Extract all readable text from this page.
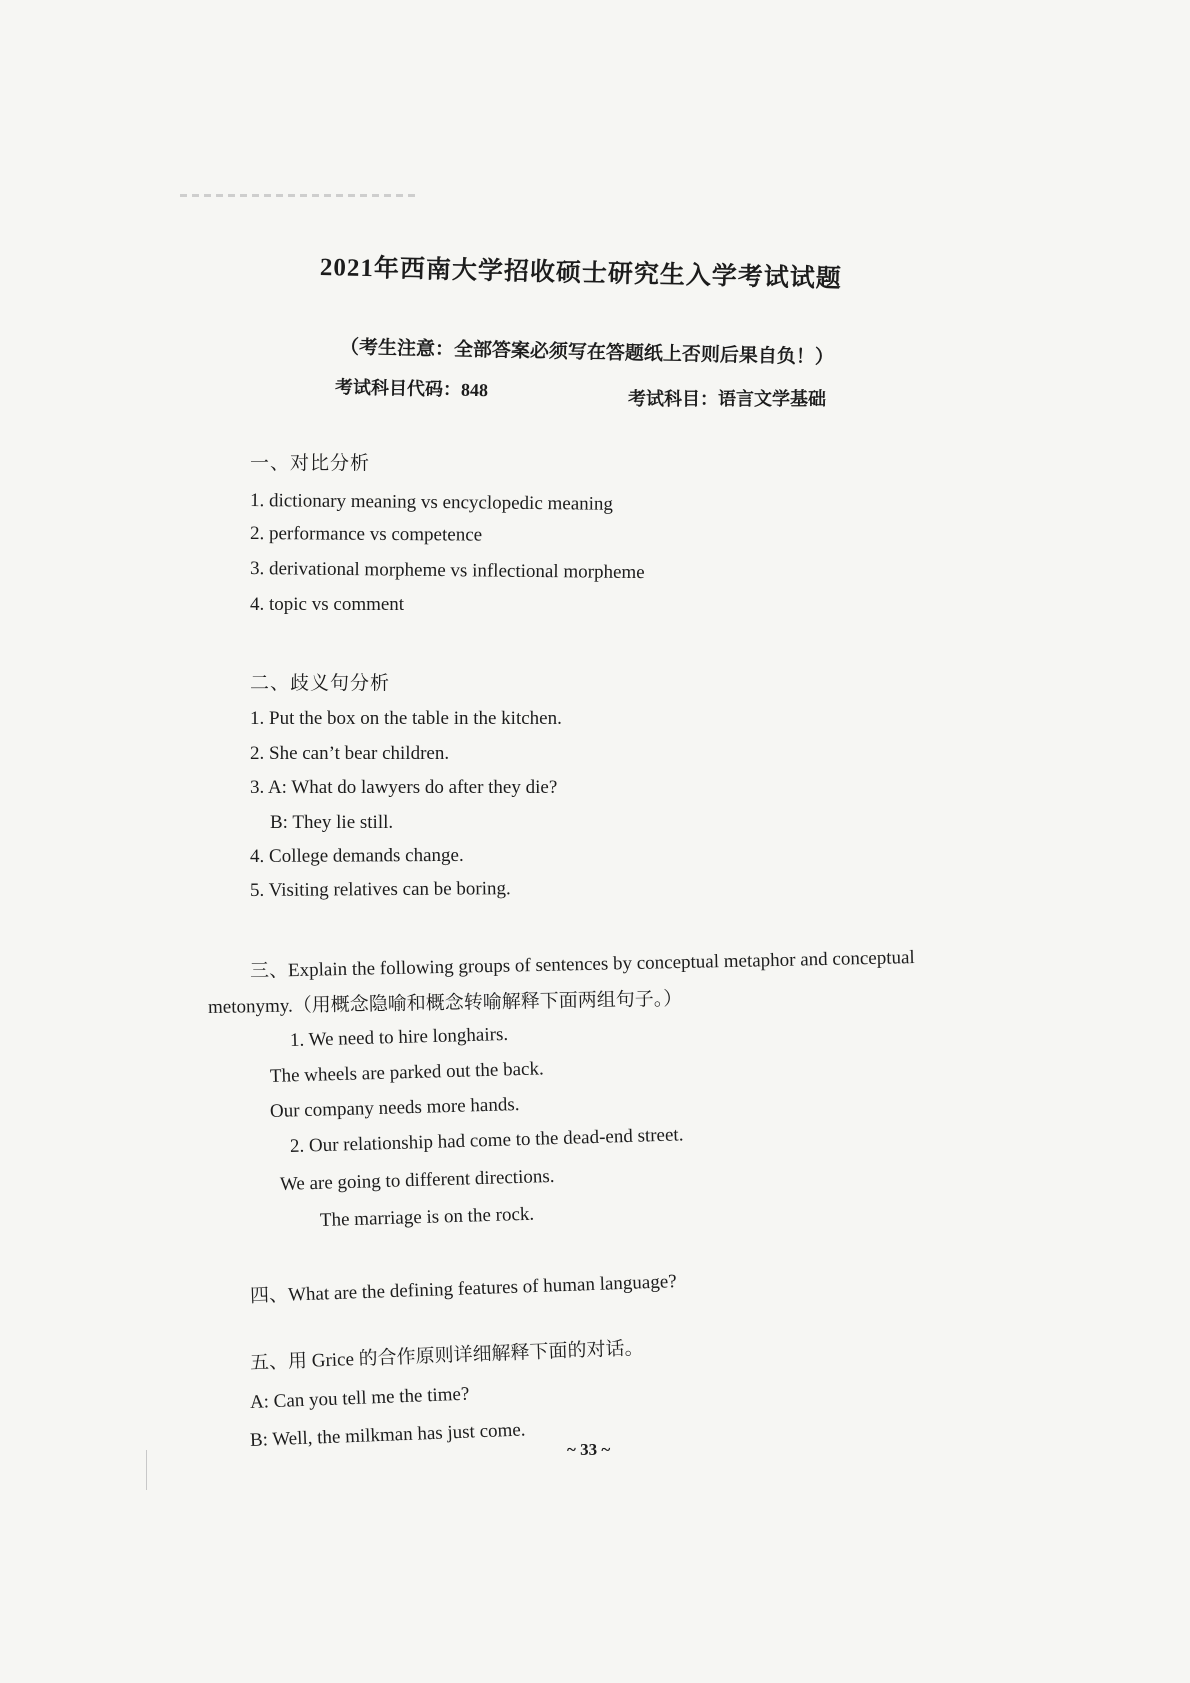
2021年西南大学招收硕士研究生入学考试试题
（考生注意：全部答案必须写在答题纸上否则后果自负！）
考试科目代码：848	考试科目：语言文学基础
一、对比分析
1. dictionary meaning vs encyclopedic meaning
2. performance vs competence
3. derivational morpheme vs inflectional morpheme
4. topic vs comment
二、歧义句分析
1. Put the box on the table in the kitchen.
2. She can’t bear children.
3. A: What do lawyers do after they die?
B: They lie still.
4. College demands change.
5. Visiting relatives can be boring.
三、Explain the following groups of sentences by conceptual metaphor and conceptual
metonymy.（用概念隐喻和概念转喻解释下面两组句子。）
1. We need to hire longhairs.
The wheels are parked out the back.
Our company needs more hands.
2. Our relationship had come to the dead-end street.
We are going to different directions.
The marriage is on the rock.
四、What are the defining features of human language?
五、用 Grice 的合作原则详细解释下面的对话。
A: Can you tell me the time?
B: Well, the milkman has just come. ~ 33 ~
